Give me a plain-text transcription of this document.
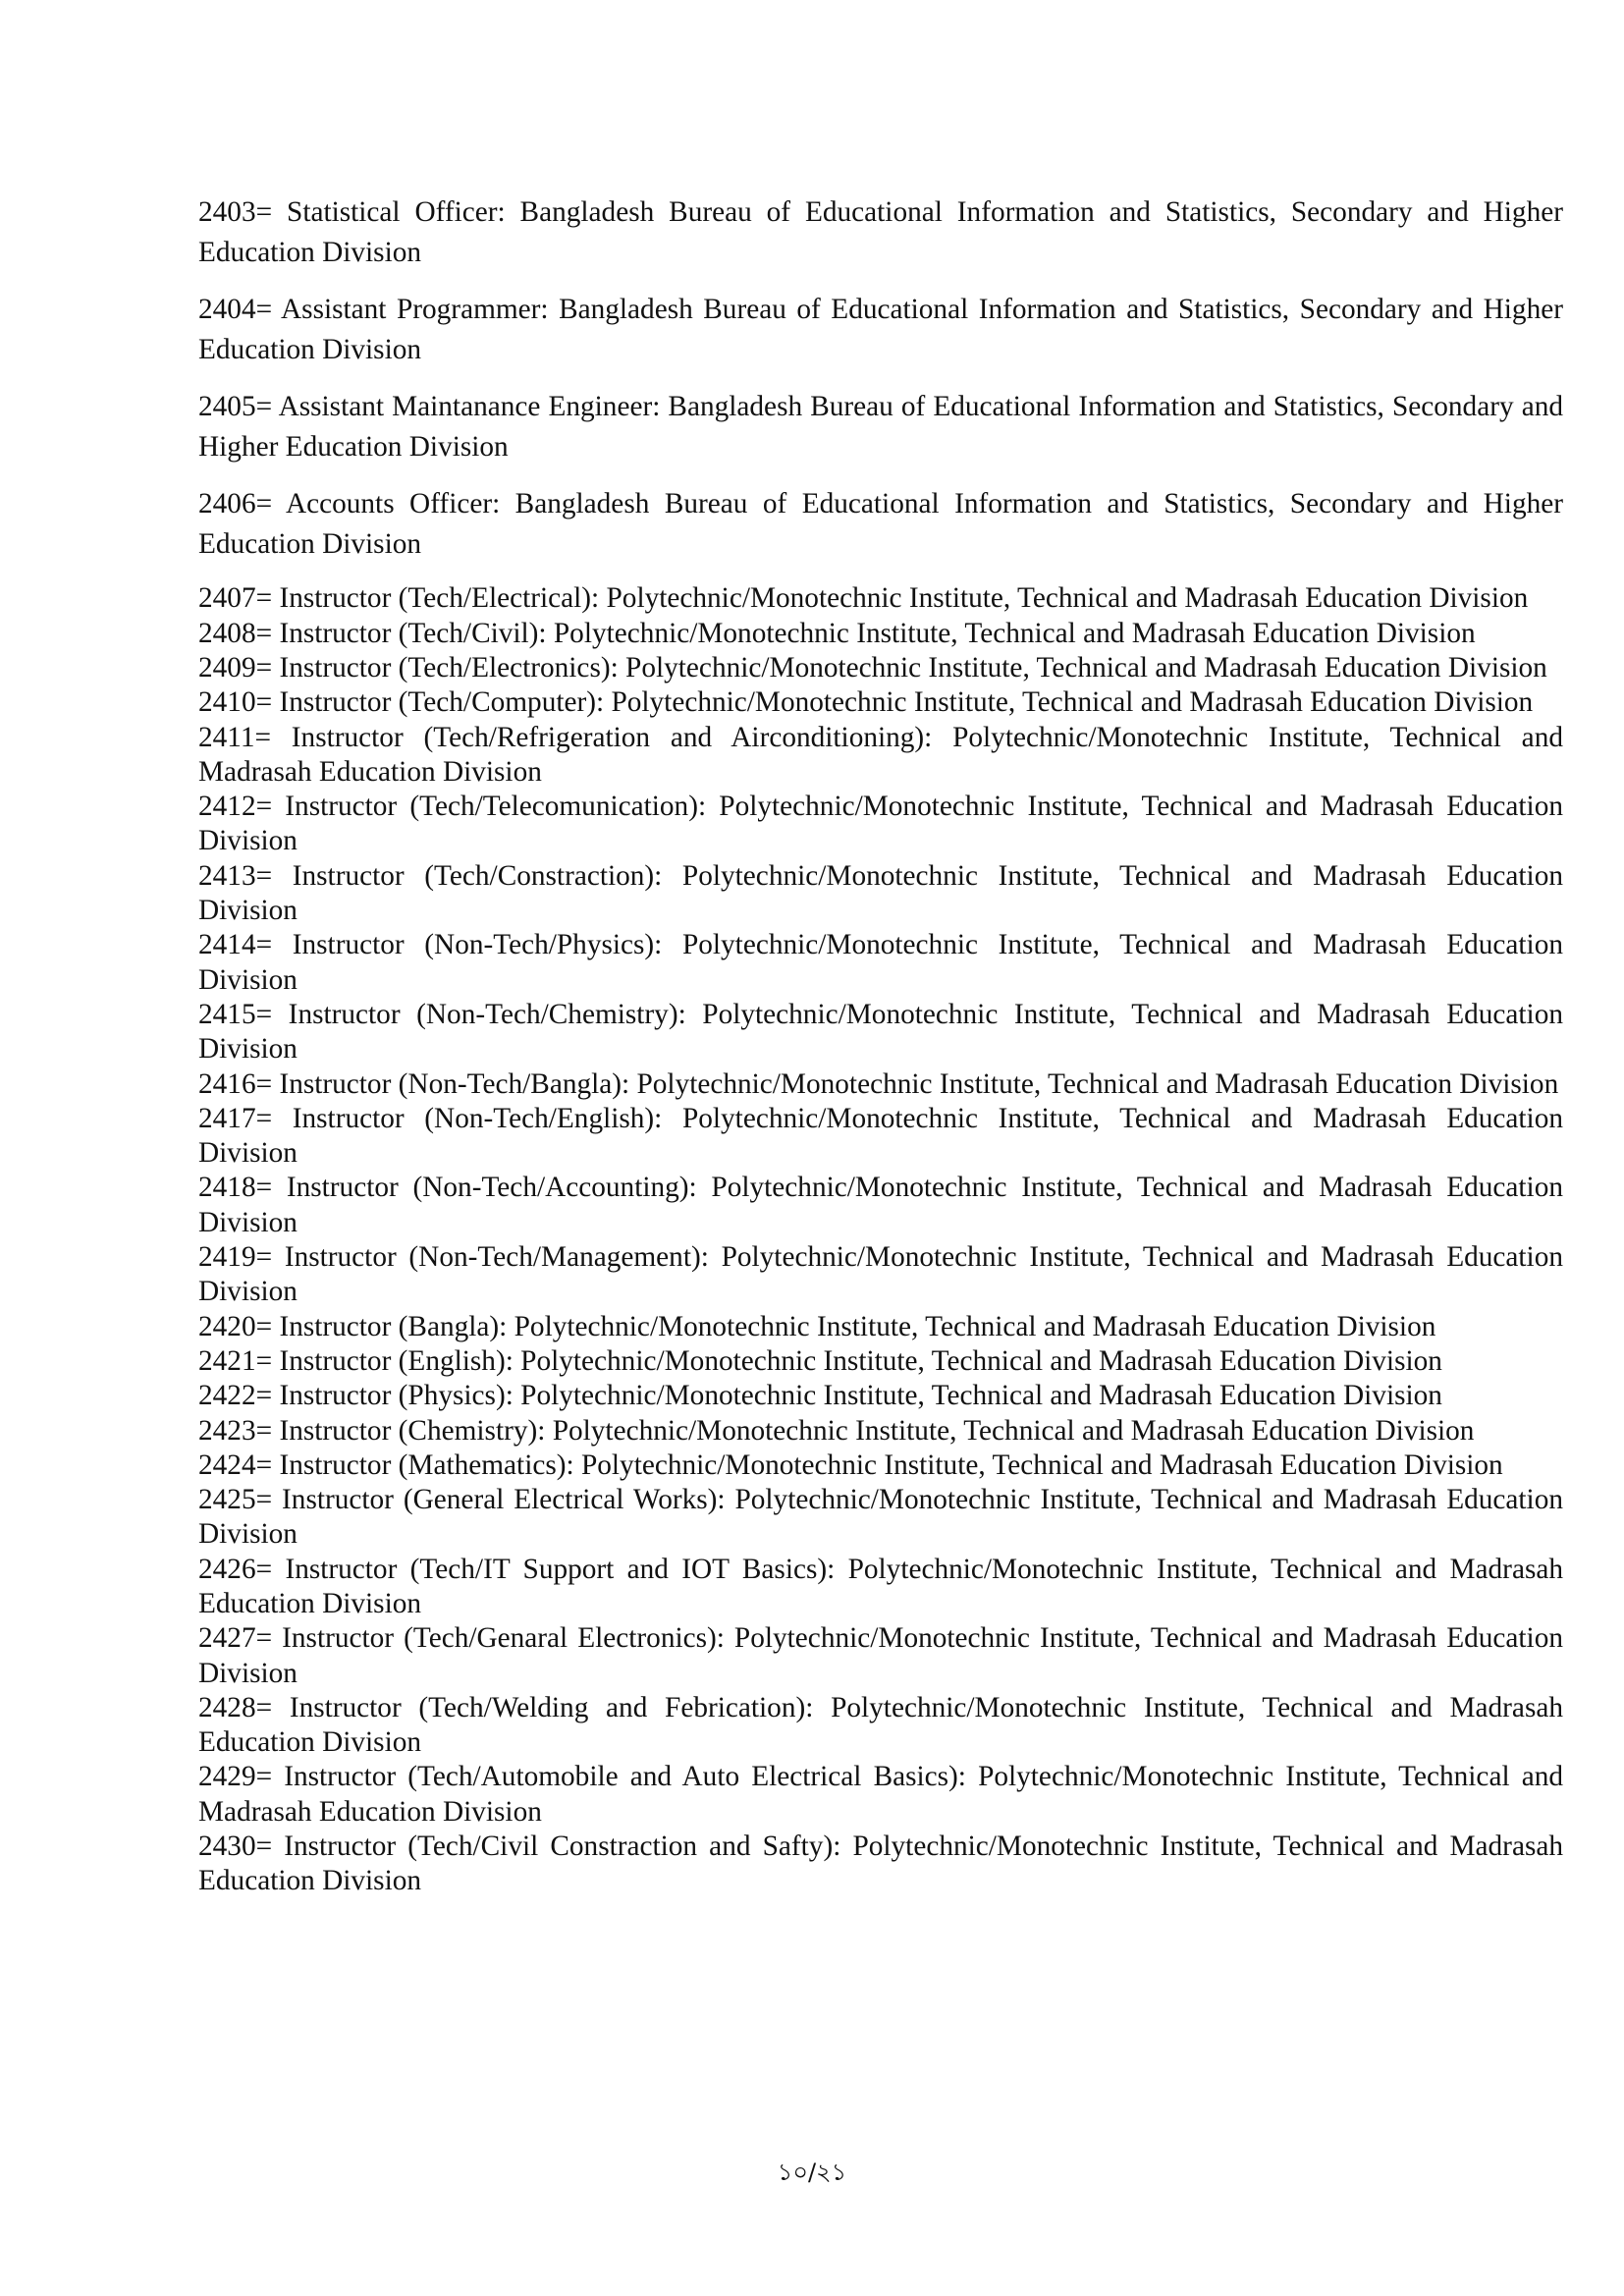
2403= Statistical Officer: Bangladesh Bureau of Educational Information and Statistics, Secondary and Higher Education Division

2404= Assistant Programmer: Bangladesh Bureau of Educational Information and Statistics, Secondary and Higher Education Division

2405= Assistant Maintanance Engineer: Bangladesh Bureau of Educational Information and Statistics, Secondary and Higher Education Division

2406= Accounts Officer: Bangladesh Bureau of Educational Information and Statistics, Secondary and Higher Education Division

2407= Instructor (Tech/Electrical): Polytechnic/Monotechnic Institute, Technical and Madrasah Education Division

2408= Instructor (Tech/Civil): Polytechnic/Monotechnic Institute, Technical and Madrasah Education Division

2409= Instructor (Tech/Electronics): Polytechnic/Monotechnic Institute, Technical and Madrasah Education Division

2410= Instructor (Tech/Computer): Polytechnic/Monotechnic Institute, Technical and Madrasah Education Division

2411= Instructor (Tech/Refrigeration and Airconditioning): Polytechnic/Monotechnic Institute, Technical and Madrasah Education Division

2412= Instructor (Tech/Telecomunication): Polytechnic/Monotechnic Institute, Technical and Madrasah Education Division

2413= Instructor (Tech/Constraction): Polytechnic/Monotechnic Institute, Technical and Madrasah Education Division

2414= Instructor (Non-Tech/Physics): Polytechnic/Monotechnic Institute, Technical and Madrasah Education Division

2415= Instructor (Non-Tech/Chemistry): Polytechnic/Monotechnic Institute, Technical and Madrasah Education Division

2416= Instructor (Non-Tech/Bangla): Polytechnic/Monotechnic Institute, Technical and Madrasah Education Division

2417= Instructor (Non-Tech/English): Polytechnic/Monotechnic Institute, Technical and Madrasah Education Division

2418= Instructor (Non-Tech/Accounting): Polytechnic/Monotechnic Institute, Technical and Madrasah Education Division

2419= Instructor (Non-Tech/Management): Polytechnic/Monotechnic Institute, Technical and Madrasah Education Division

2420= Instructor (Bangla): Polytechnic/Monotechnic Institute, Technical and Madrasah Education Division

2421= Instructor (English): Polytechnic/Monotechnic Institute, Technical and Madrasah Education Division

2422= Instructor (Physics): Polytechnic/Monotechnic Institute, Technical and Madrasah Education Division

2423= Instructor (Chemistry): Polytechnic/Monotechnic Institute, Technical and Madrasah Education Division

2424= Instructor (Mathematics): Polytechnic/Monotechnic Institute, Technical and Madrasah Education Division

2425= Instructor (General Electrical Works): Polytechnic/Monotechnic Institute, Technical and Madrasah Education Division

2426= Instructor (Tech/IT Support and IOT Basics): Polytechnic/Monotechnic Institute, Technical and Madrasah Education Division

2427= Instructor (Tech/Genaral Electronics): Polytechnic/Monotechnic Institute, Technical and Madrasah Education Division

2428= Instructor (Tech/Welding and Febrication): Polytechnic/Monotechnic Institute, Technical and Madrasah Education Division

2429= Instructor (Tech/Automobile and Auto Electrical Basics): Polytechnic/Monotechnic Institute, Technical and Madrasah Education Division

2430= Instructor (Tech/Civil Constraction and Safty): Polytechnic/Monotechnic Institute, Technical and Madrasah Education Division

১০/২১
